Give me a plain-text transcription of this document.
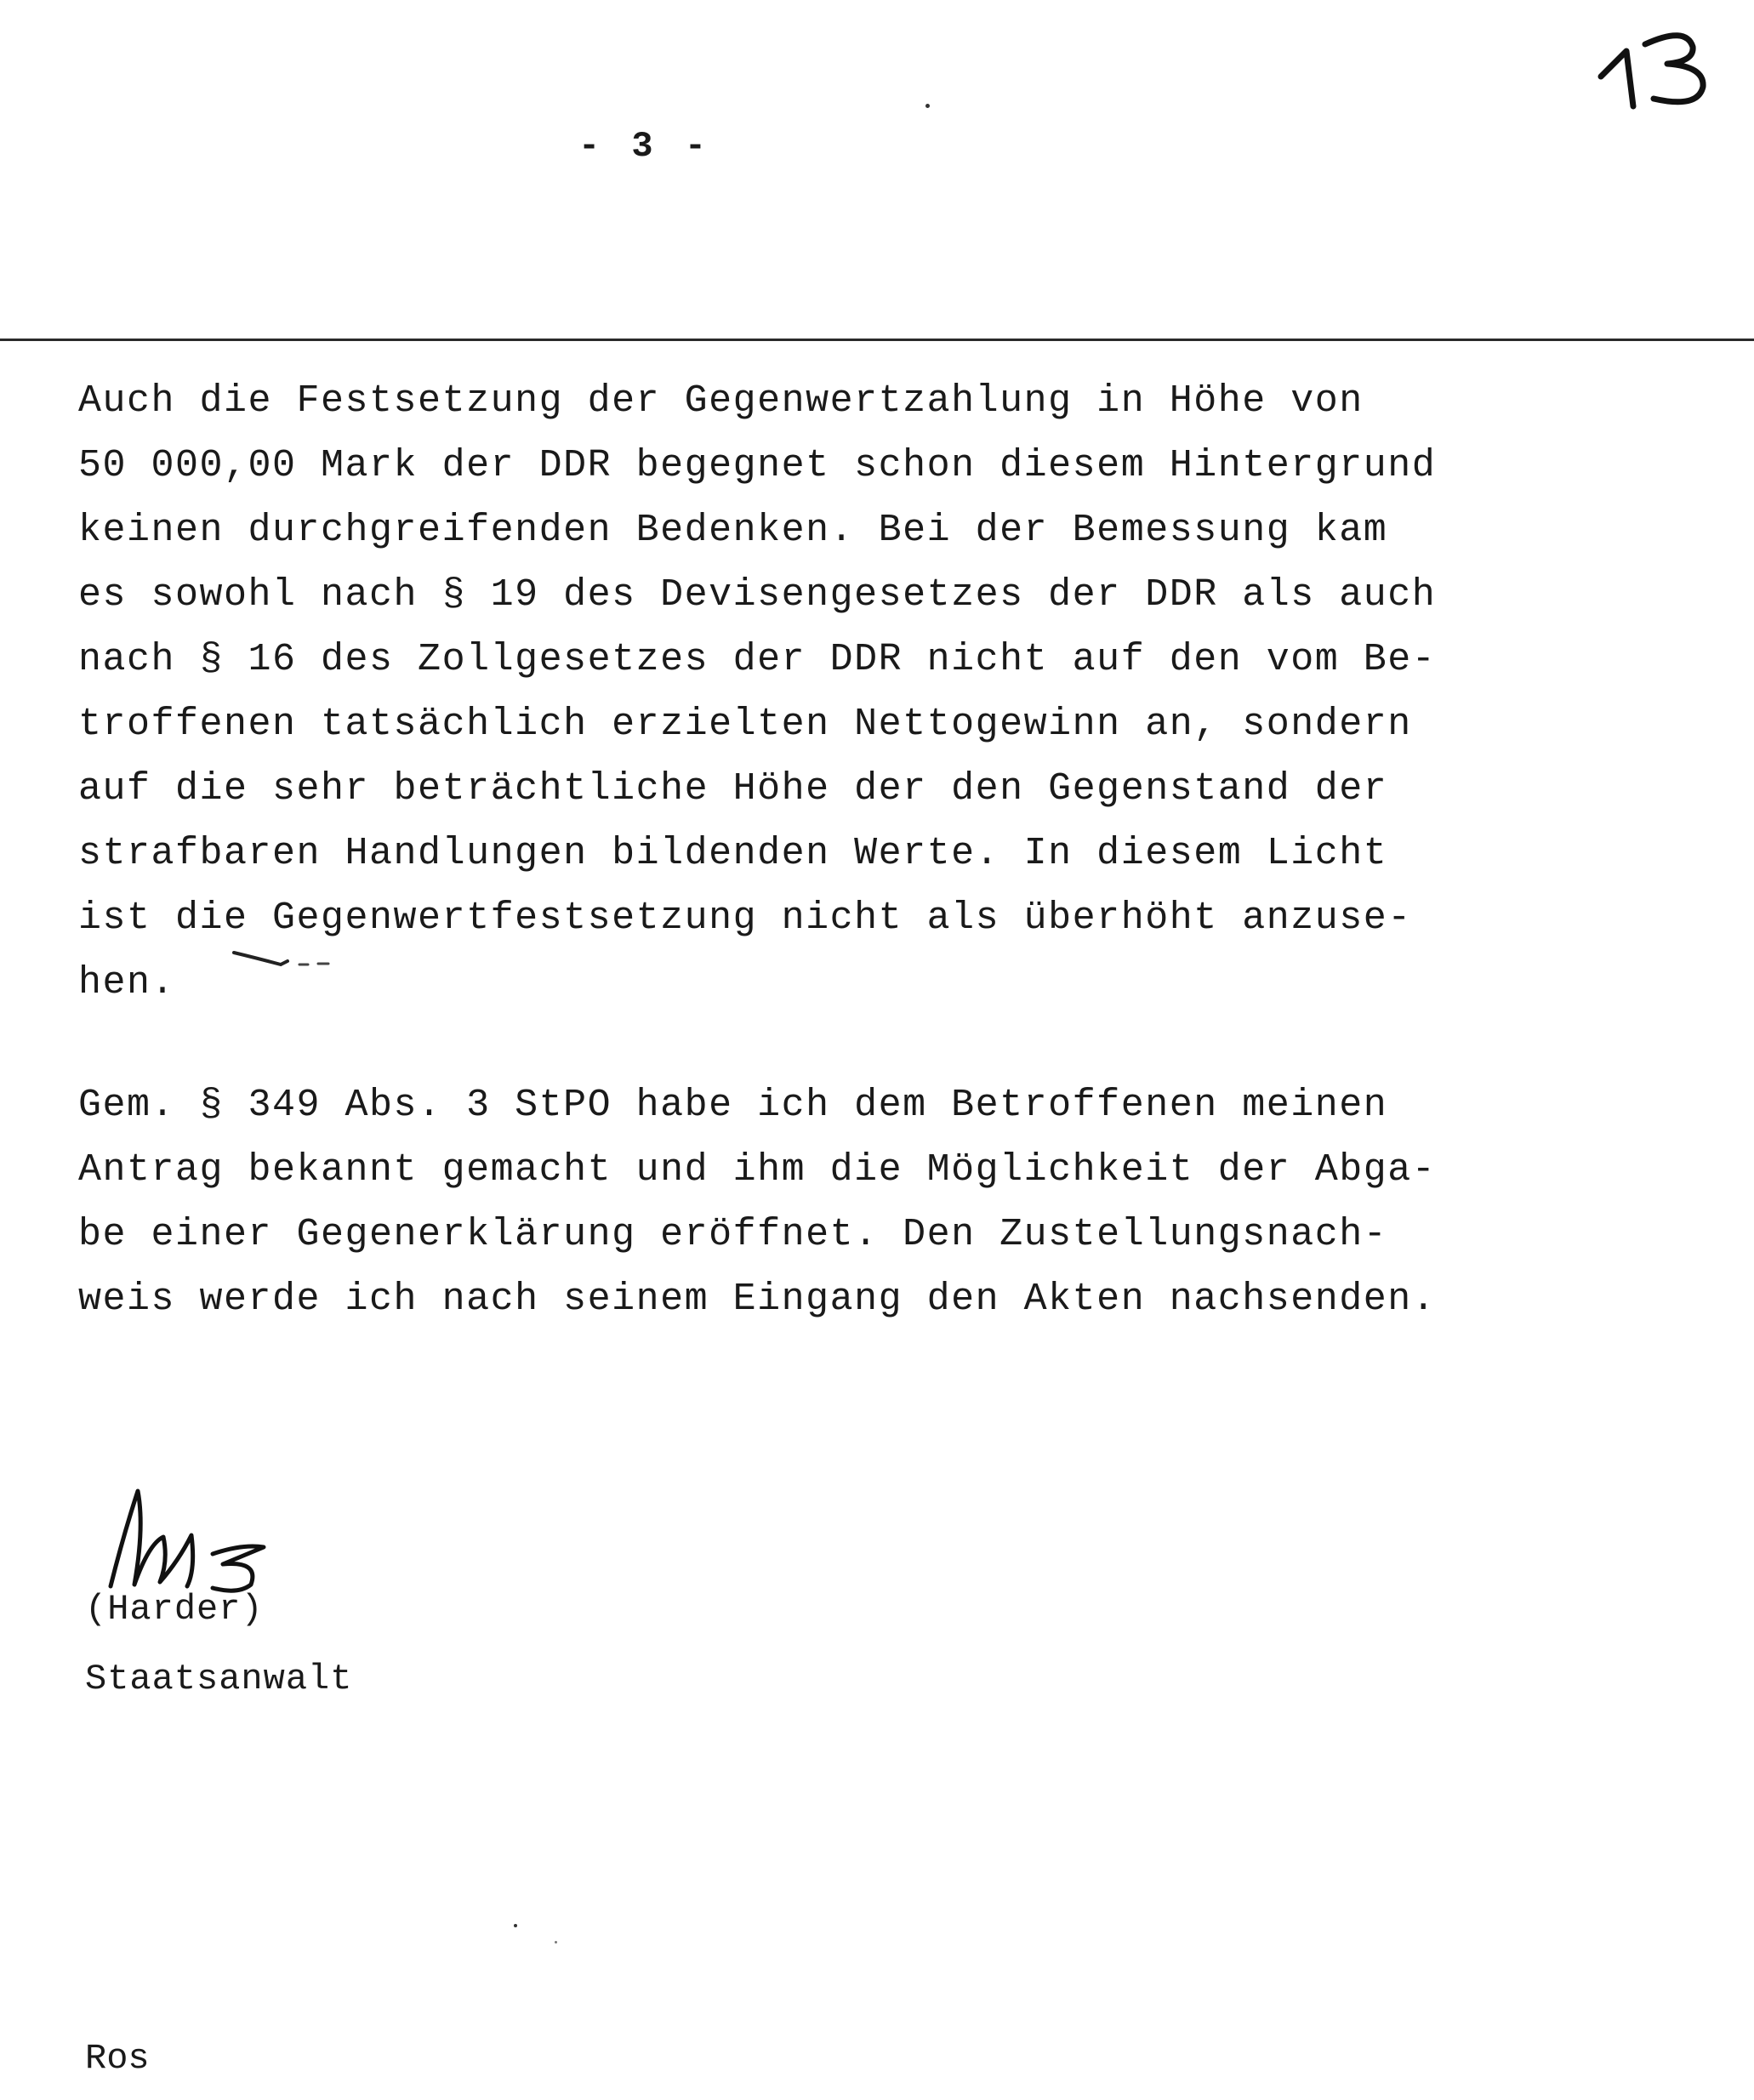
- 3 -
Auch die Festsetzung der Gegenwertzahlung in Höhe von
50 000,00 Mark der DDR begegnet schon diesem Hintergrund
keinen durchgreifenden Bedenken. Bei der Bemessung kam
es sowohl nach § 19 des Devisengesetzes der DDR als auch
nach § 16 des Zollgesetzes der DDR nicht auf den vom Be-
troffenen tatsächlich erzielten Nettogewinn an, sondern
auf die sehr beträchtliche Höhe der den Gegenstand der
strafbaren Handlungen bildenden Werte. In diesem Licht
ist die Gegenwertfestsetzung nicht als überhöht anzuse-
hen.
Gem. § 349 Abs. 3 StPO habe ich dem Betroffenen meinen
Antrag bekannt gemacht und ihm die Möglichkeit der Abga-
be einer Gegenerklärung eröffnet. Den Zustellungsnach-
weis werde ich nach seinem Eingang den Akten nachsenden.
(Harder)
Staatsanwalt
Ros
